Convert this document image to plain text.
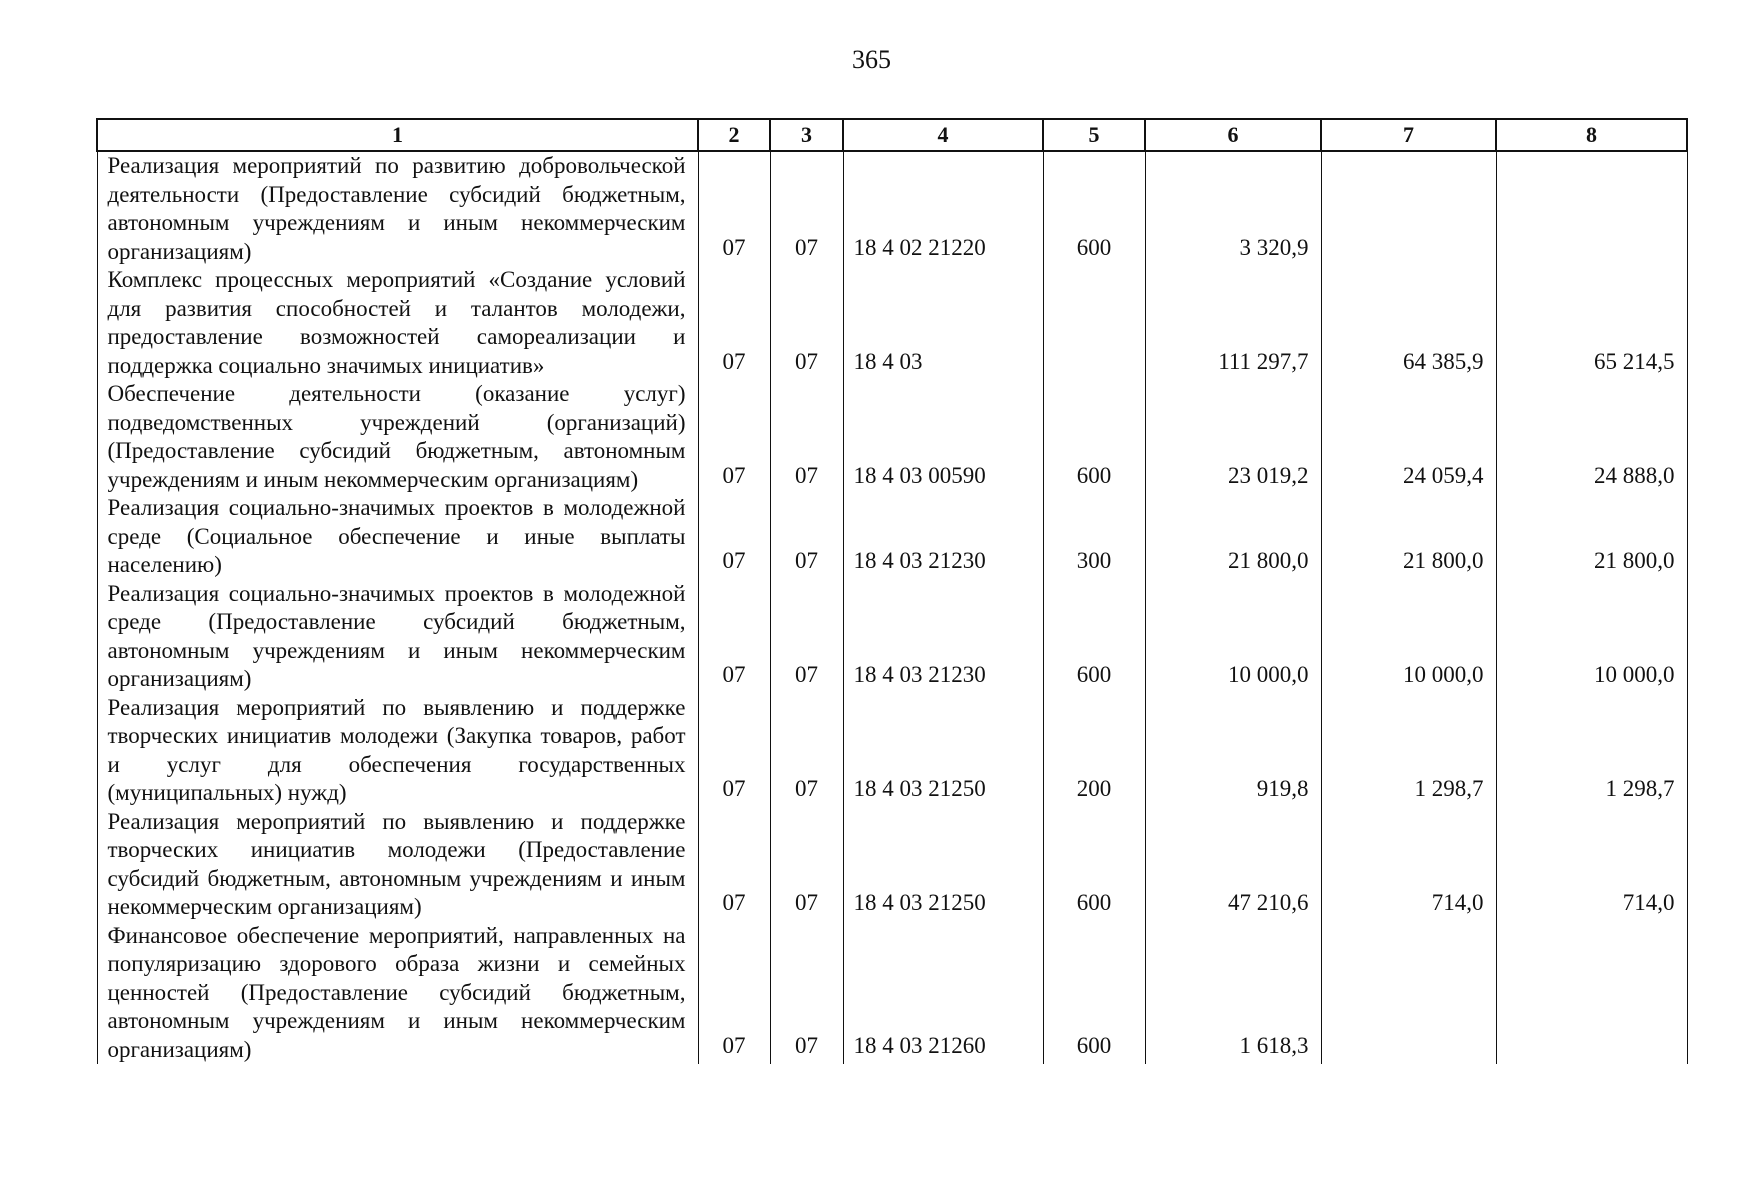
365
1	2	3	4	5	6	7	8
Реализация мероприятий по развитию добровольческой деятельности (Предоставление субсидий бюджетным, автономным учреждениям и иным некоммерческим организациям)	07	07	18 4 02 21220	600	3 320,9		
Комплекс процессных мероприятий «Создание условий для развития способностей и талантов молодежи, предоставление возможностей самореализации и поддержка социально значимых инициатив»	07	07	18 4 03		111 297,7	64 385,9	65 214,5
Обеспечение деятельности (оказание услуг) подведомственных учреждений (организаций) (Предоставление субсидий бюджетным, автономным учреждениям и иным некоммерческим организациям)	07	07	18 4 03 00590	600	23 019,2	24 059,4	24 888,0
Реализация социально-значимых проектов в молодежной среде (Социальное обеспечение и иные выплаты населению)	07	07	18 4 03 21230	300	21 800,0	21 800,0	21 800,0
Реализация социально-значимых проектов в молодежной среде (Предоставление субсидий бюджетным, автономным учреждениям и иным некоммерческим организациям)	07	07	18 4 03 21230	600	10 000,0	10 000,0	10 000,0
Реализация мероприятий по выявлению и поддержке творческих инициатив молодежи (Закупка товаров, работ и услуг для обеспечения государственных (муниципальных) нужд)	07	07	18 4 03 21250	200	919,8	1 298,7	1 298,7
Реализация мероприятий по выявлению и поддержке творческих инициатив молодежи (Предоставление субсидий бюджетным, автономным учреждениям и иным некоммерческим организациям)	07	07	18 4 03 21250	600	47 210,6	714,0	714,0
Финансовое обеспечение мероприятий, направленных на популяризацию здорового образа жизни и семейных ценностей (Предоставление субсидий бюджетным, автономным учреждениям и иным некоммерческим организациям)	07	07	18 4 03 21260	600	1 618,3		
